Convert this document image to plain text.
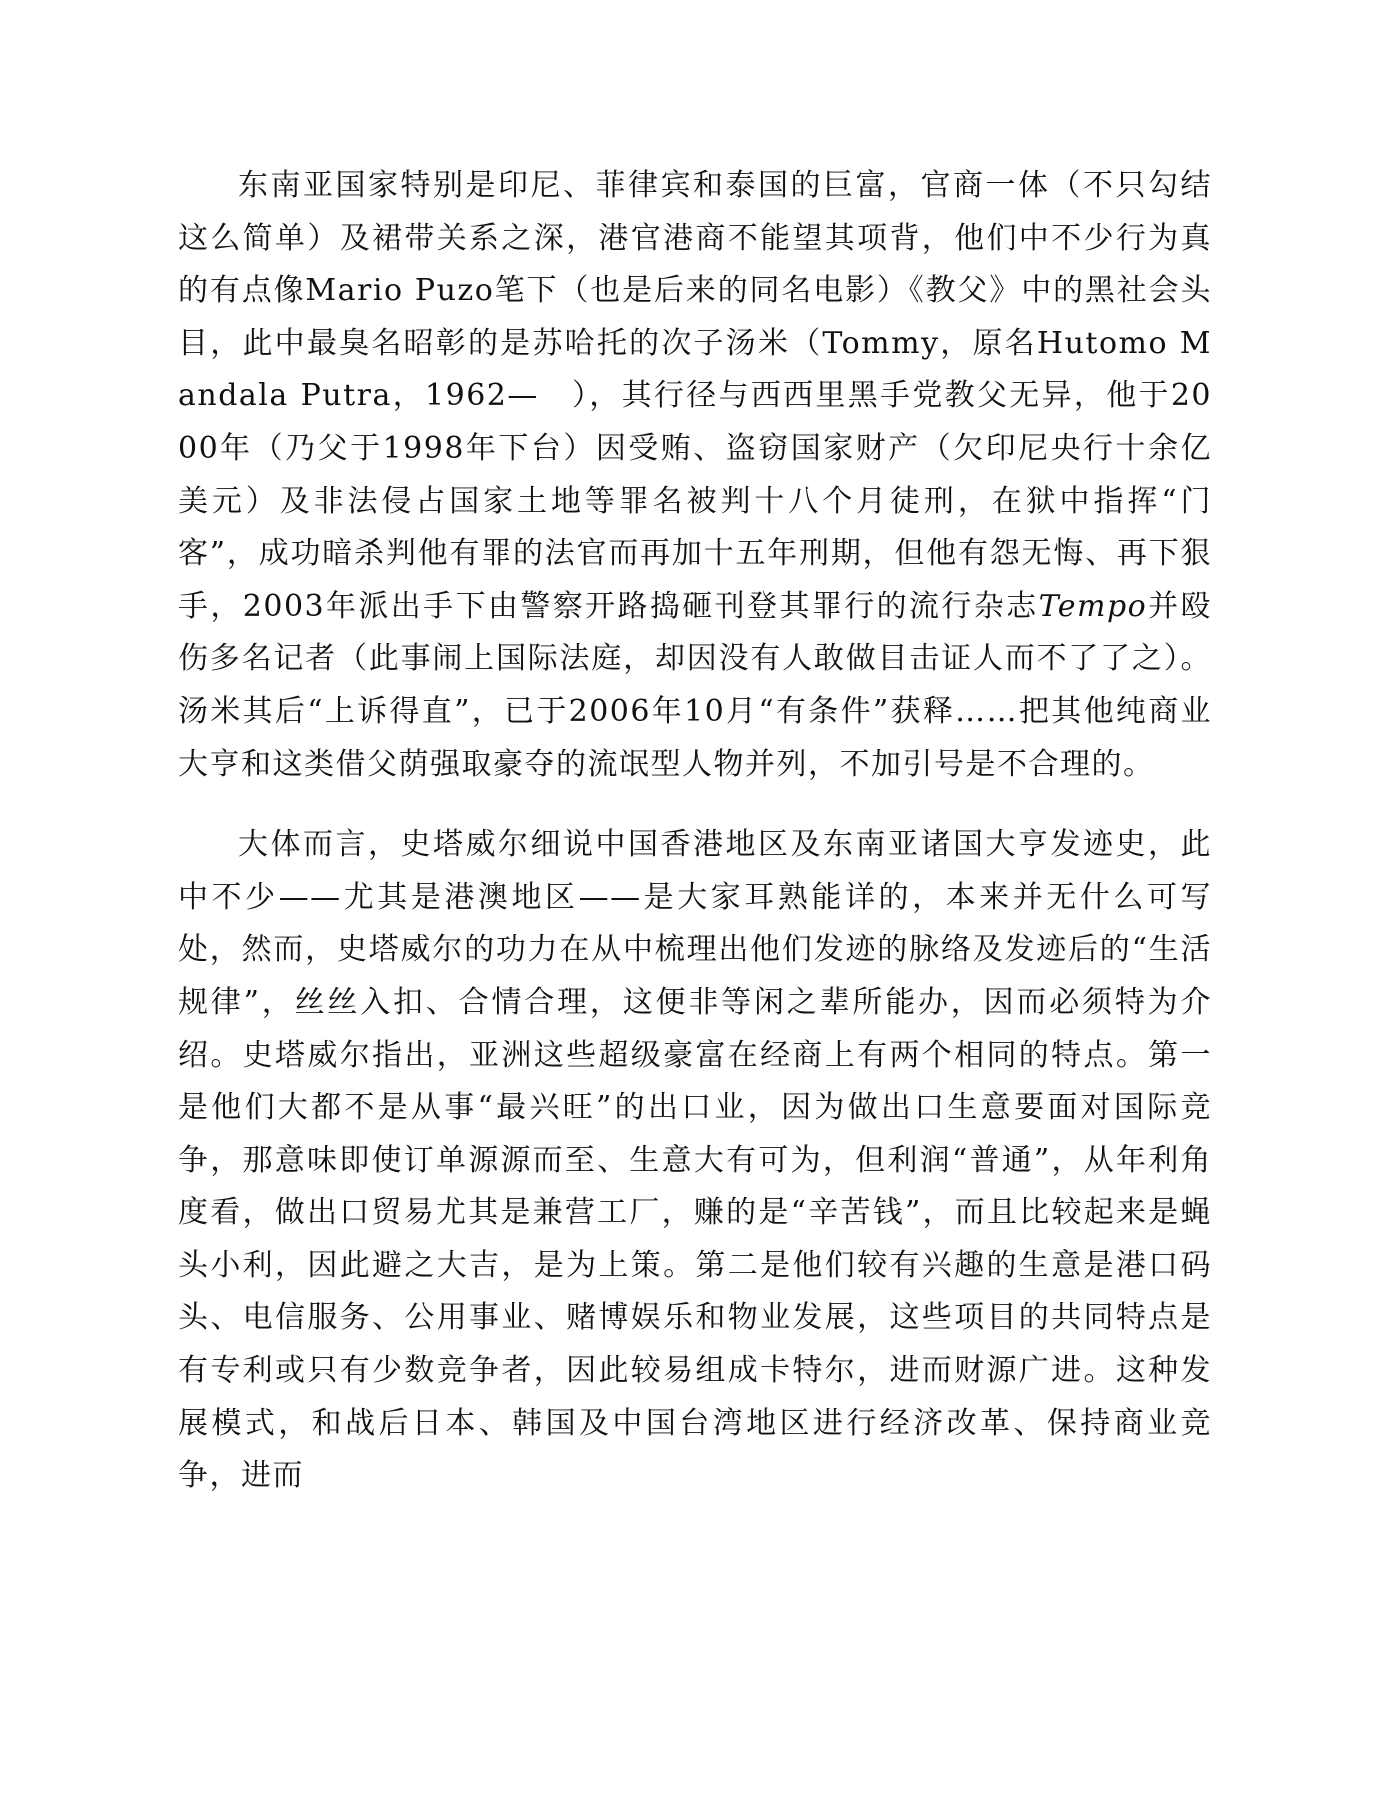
东南亚国家特别是印尼、菲律宾和泰国的巨富，官商一体（不只勾结这么简单）及裙带关系之深，港官港商不能望其项背，他们中不少行为真的有点像Mario Puzo笔下（也是后来的同名电影）《教父》中的黑社会头目，此中最臭名昭彰的是苏哈托的次子汤米（Tommy，原名Hutomo Mandala Putra，1962—　），其行径与西西里黑手党教父无异，他于2000年（乃父于1998年下台）因受贿、盗窃国家财产（欠印尼央行十余亿美元）及非法侵占国家土地等罪名被判十八个月徒刑，在狱中指挥“门客”，成功暗杀判他有罪的法官而再加十五年刑期，但他有怨无悔、再下狠手，2003年派出手下由警察开路捣砸刊登其罪行的流行杂志Tempo并殴伤多名记者（此事闹上国际法庭，却因没有人敢做目击证人而不了了之）。汤米其后“上诉得直”，已于2006年10月“有条件”获释……把其他纯商业大亨和这类借父荫强取豪夺的流氓型人物并列，不加引号是不合理的。

大体而言，史塔威尔细说中国香港地区及东南亚诸国大亨发迹史，此中不少——尤其是港澳地区——是大家耳熟能详的，本来并无什么可写处，然而，史塔威尔的功力在从中梳理出他们发迹的脉络及发迹后的“生活规律”，丝丝入扣、合情合理，这便非等闲之辈所能办，因而必须特为介绍。史塔威尔指出，亚洲这些超级豪富在经商上有两个相同的特点。第一是他们大都不是从事“最兴旺”的出口业，因为做出口生意要面对国际竞争，那意味即使订单源源而至、生意大有可为，但利润“普通”，从年利角度看，做出口贸易尤其是兼营工厂，赚的是“辛苦钱”，而且比较起来是蝇头小利，因此避之大吉，是为上策。第二是他们较有兴趣的生意是港口码头、电信服务、公用事业、赌博娱乐和物业发展，这些项目的共同特点是有专利或只有少数竞争者，因此较易组成卡特尔，进而财源广进。这种发展模式，和战后日本、韩国及中国台湾地区进行经济改革、保持商业竞争，进而
